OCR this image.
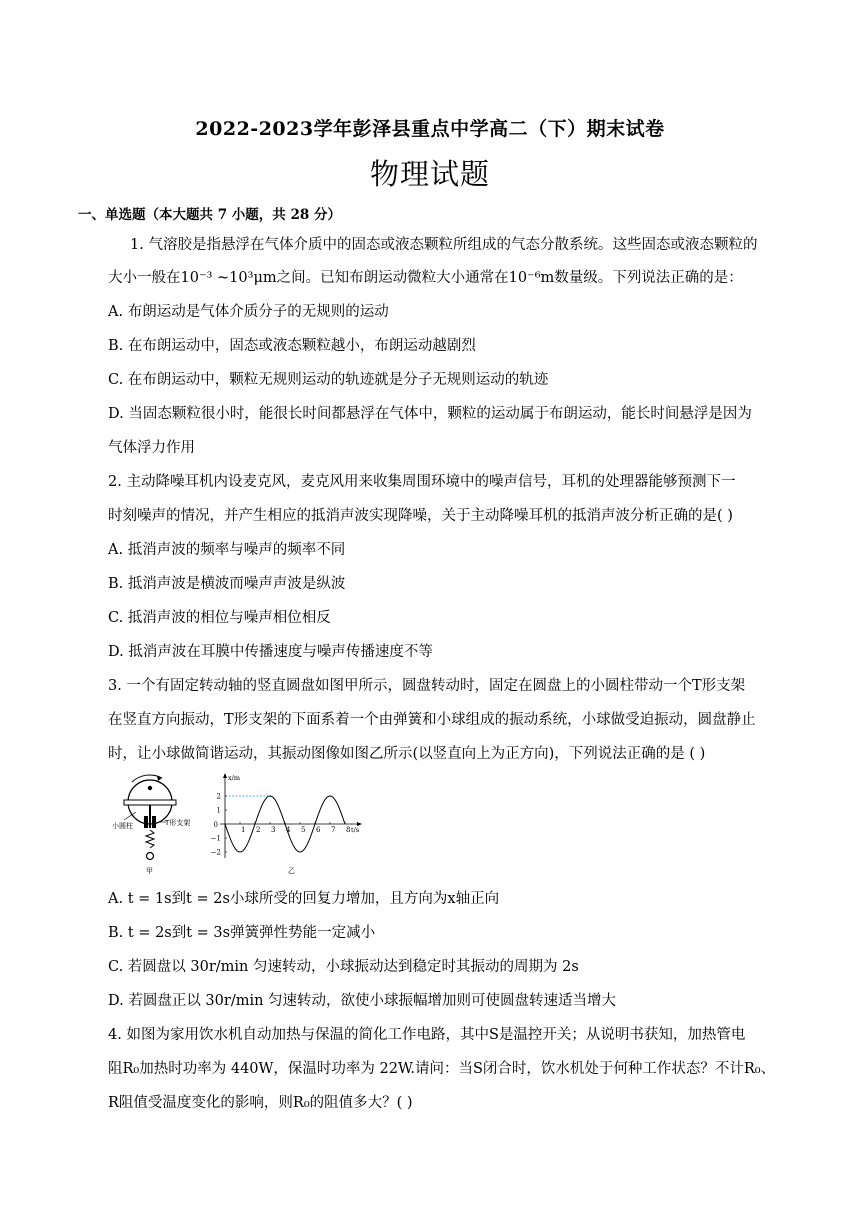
2022-2023学年彭泽县重点中学高二（下）期末试卷
物理试题
一、单选题（本大题共 7 小题，共 28 分）
1. 气溶胶是指悬浮在气体介质中的固态或液态颗粒所组成的气态分散系统。这些固态或液态颗粒的
大小一般在10⁻³ ~10³μm之间。已知布朗运动微粒大小通常在10⁻⁶m数量级。下列说法正确的是：
A. 布朗运动是气体介质分子的无规则的运动
B. 在布朗运动中，固态或液态颗粒越小，布朗运动越剧烈
C. 在布朗运动中，颗粒无规则运动的轨迹就是分子无规则运动的轨迹
D. 当固态颗粒很小时，能很长时间都悬浮在气体中，颗粒的运动属于布朗运动，能长时间悬浮是因为
气体浮力作用
2. 主动降噪耳机内设麦克风，麦克风用来收集周围环境中的噪声信号，耳机的处理器能够预测下一
时刻噪声的情况，并产生相应的抵消声波实现降噪，关于主动降噪耳机的抵消声波分析正确的是( )
A. 抵消声波的频率与噪声的频率不同
B. 抵消声波是横波而噪声声波是纵波
C. 抵消声波的相位与噪声相位相反
D. 抵消声波在耳膜中传播速度与噪声传播速度不等
3. 一个有固定转动轴的竖直圆盘如图甲所示，圆盘转动时，固定在圆盘上的小圆柱带动一个T形支架
在竖直方向振动，T形支架的下面系着一个由弹簧和小球组成的振动系统，小球做受迫振动，圆盘静止
时，让小球做简谐运动，其振动图像如图乙所示(以竖直向上为正方向)，下列说法正确的是 ( )
小圆柱	T形支架
甲
x/m
t/s
乙
0
1 2 3 4 5 6 7 8
2
1
−1
−2
A. t = 1s到t = 2s小球所受的回复力增加，且方向为x轴正向
B. t = 2s到t = 3s弹簧弹性势能一定减小
C. 若圆盘以 30r/min 匀速转动，小球振动达到稳定时其振动的周期为 2s
D. 若圆盘正以 30r/min 匀速转动，欲使小球振幅增加则可使圆盘转速适当增大
4. 如图为家用饮水机自动加热与保温的简化工作电路，其中S是温控开关；从说明书获知，加热管电
阻R₀加热时功率为 440W，保温时功率为 22W.请问：当S闭合时，饮水机处于何种工作状态？不计R₀、
R阻值受温度变化的影响，则R₀的阻值多大？( )
